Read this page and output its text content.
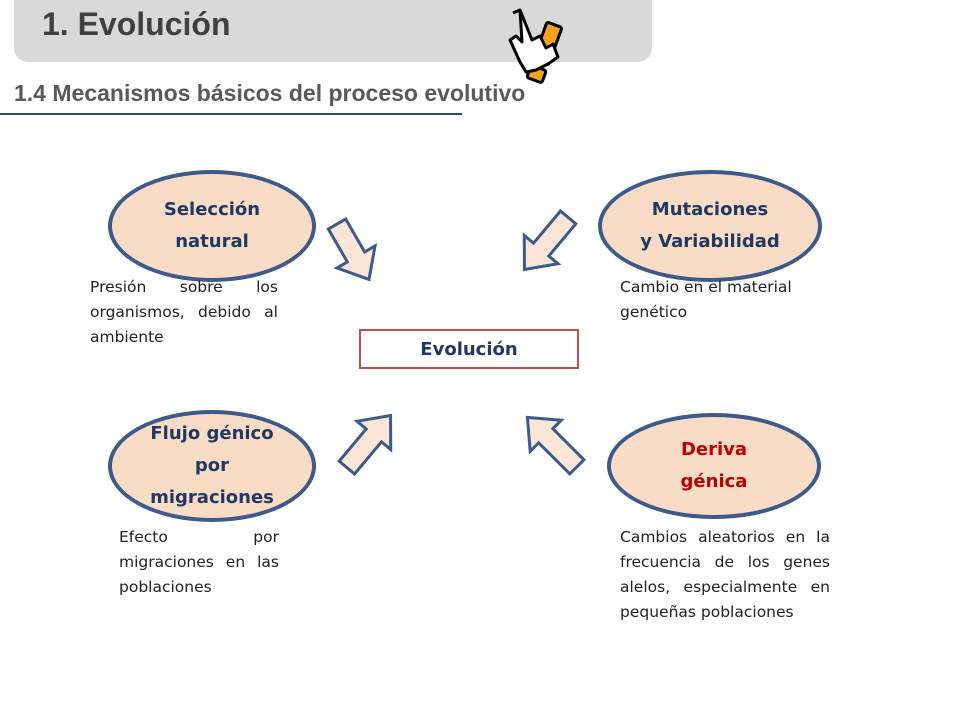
1. Evolución
1.4 Mecanismos básicos del proceso evolutivo
Selección
natural
Mutaciones
y Variabilidad
Flujo génico
por
migraciones
Deriva
génica
Presión sobre los organismos, debido al ambiente
Cambio en el material genético
Efecto por migraciones en las poblaciones
Cambios aleatorios en la frecuencia de los genes alelos, especialmente en pequeñas poblaciones
Evolución
